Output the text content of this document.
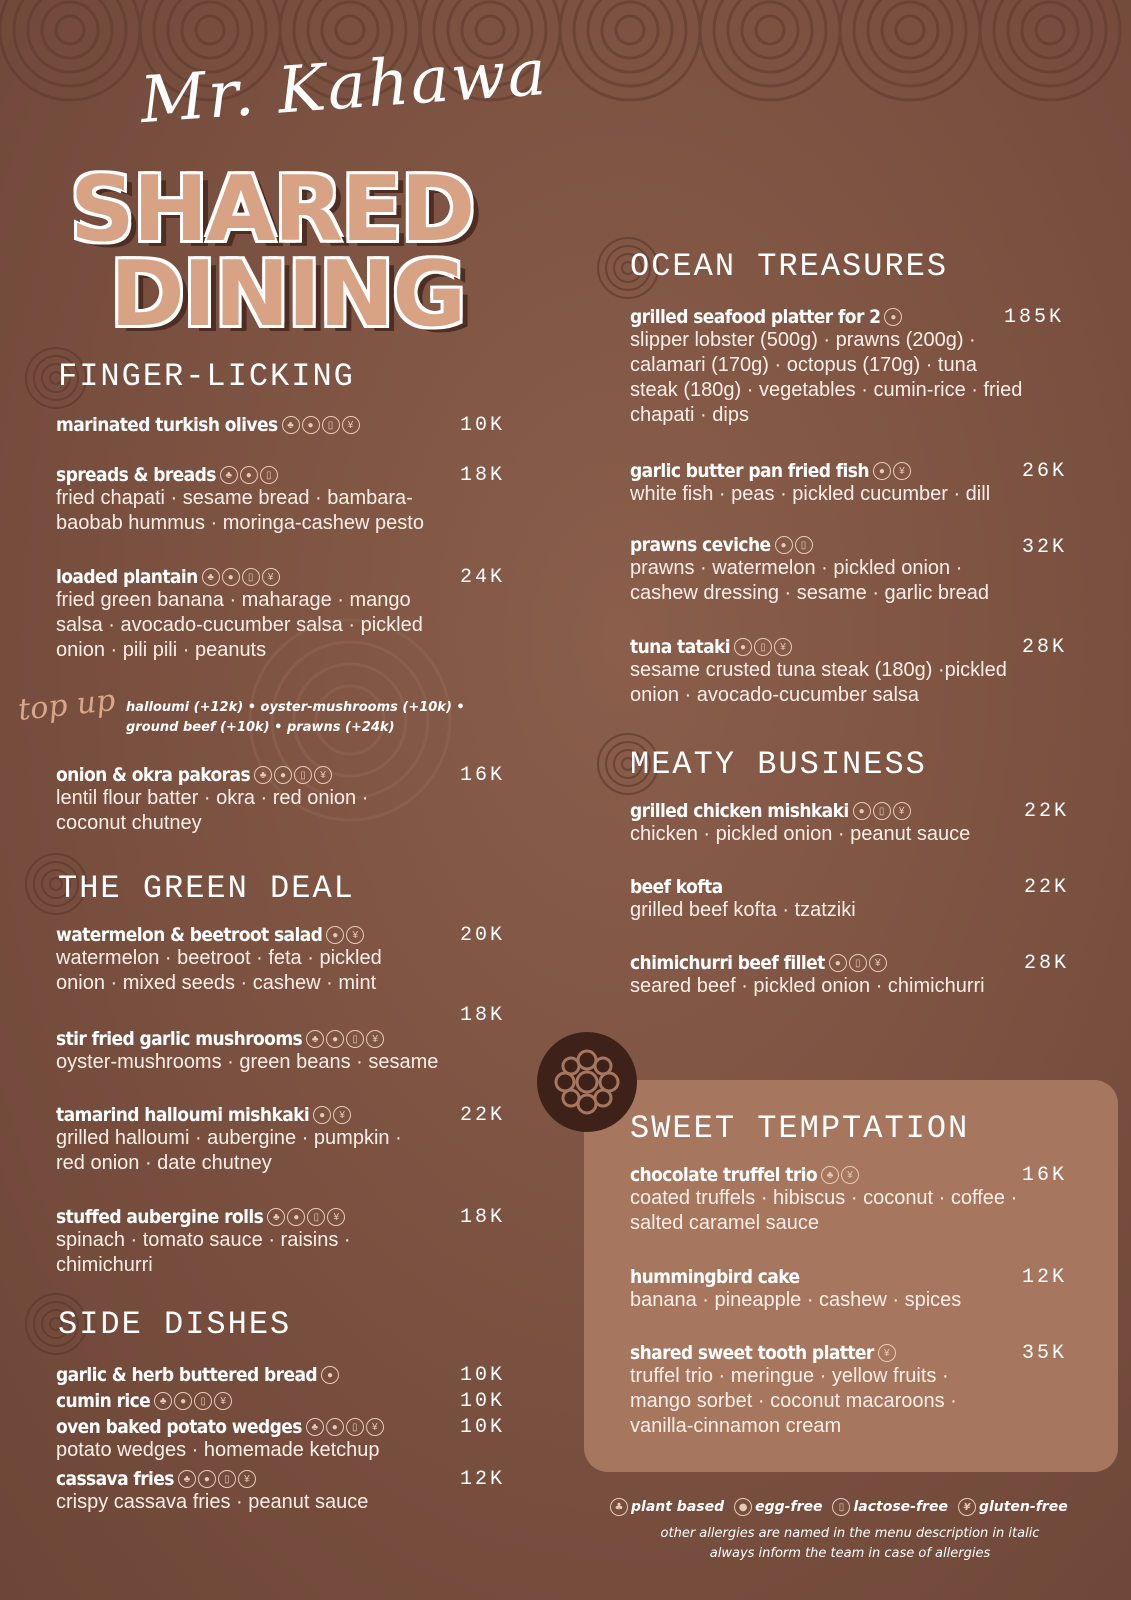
Mr. Kahawa
SHARED
DINING
FINGER-LICKING
THE GREEN DEAL
SIDE DISHES
OCEAN TREASURES
MEATY BUSINESS
marinated turkish olives ♣	●	▯	¥	10K
spreads & breads ♣	●	▯
fried chapati · sesame bread · bambara-baobab hummus · moringa-cashew pesto
18K
loaded plantain ♣	●	▯	¥
fried green banana · maharage · mango salsa · avocado-cucumber salsa · pickled onion · pili pili · peanuts
24K
top up halloumi (+12k) • oyster-mushrooms (+10k) • ground beef (+10k) • prawns (+24k)
onion & okra pakoras ♣	●	▯	¥
lentil flour batter · okra · red onion · coconut chutney
16K
watermelon & beetroot salad ●	¥
watermelon · beetroot · feta · pickled onion · mixed seeds · cashew · mint
20K
18K
stir fried garlic mushrooms ♣	●	▯	¥
oyster-mushrooms · green beans · sesame
tamarind halloumi mishkaki ●	¥
grilled halloumi · aubergine · pumpkin · red onion · date chutney
22K
stuffed aubergine rolls ♣	●	▯	¥
spinach · tomato sauce · raisins · chimichurri
18K
garlic & herb buttered bread ●	10K
cumin rice ♣	●	▯	¥	10K
oven baked potato wedges ♣	●	▯	¥
potato wedges · homemade ketchup
10K
cassava fries ♣	●	▯	¥
crispy cassava fries · peanut sauce
12K
grilled seafood platter for 2 ●
slipper lobster (500g) · prawns (200g) · calamari (170g) · octopus (170g) · tuna steak (180g) · vegetables · cumin-rice · fried chapati · dips
185K
garlic butter pan fried fish ●	¥
white fish · peas · pickled cucumber · dill
26K
prawns ceviche ●	▯
prawns · watermelon · pickled onion · cashew dressing · sesame · garlic bread
32K
tuna tataki ●	▯	¥
sesame crusted tuna steak (180g) ·pickled onion · avocado-cucumber salsa
28K
grilled chicken mishkaki ●	▯	¥
chicken · pickled onion · peanut sauce
22K
beef kofta
grilled beef kofta · tzatziki
22K
chimichurri beef fillet ●	▯	¥
seared beef · pickled onion · chimichurri
28K
SWEET TEMPTATION
chocolate truffel trio ♣	¥
coated truffels · hibiscus · coconut · coffee · salted caramel sauce
16K
hummingbird cake
banana · pineapple · cashew · spices
12K
shared sweet tooth platter	¥
truffel trio · meringue · yellow fruits · mango sorbet · coconut macaroons · vanilla-cinnamon cream
35K
♣ plant based	● egg-free	▯ lactose-free	¥ gluten-free
other allergies are named in the menu description in italic
always inform the team in case of allergies
